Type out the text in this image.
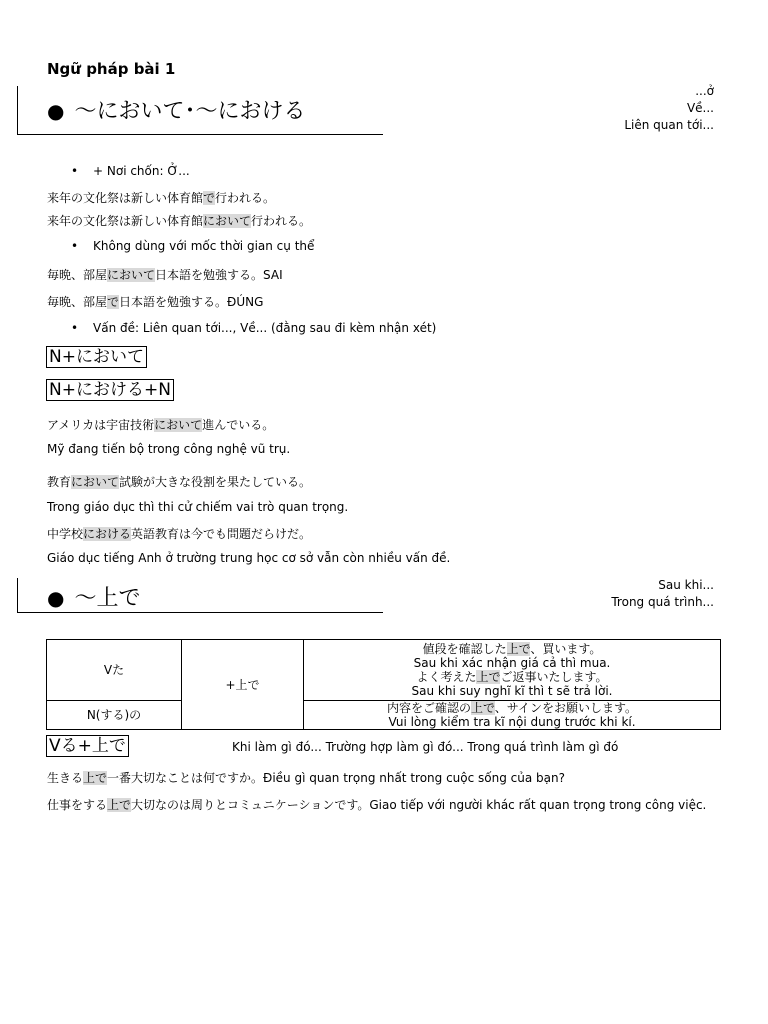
Ngữ pháp bài 1
● ～において･～における
...ở
Về...
Liên quan tới...
• + Nơi chốn: Ở...
来年の文化祭は新しい体育館で行われる。
来年の文化祭は新しい体育館において行われる。
• Không dùng với mốc thời gian cụ thể
毎晩、部屋において日本語を勉強する。SAI
毎晩、部屋で日本語を勉強する。ĐÚNG
• Vấn đề: Liên quan tới..., Về... (đằng sau đi kèm nhận xét)
N+において
N+における+N
アメリカは宇宙技術において進んでいる。
Mỹ đang tiến bộ trong công nghệ vũ trụ.
教育において試験が大きな役割を果たしている。
Trong giáo dục thì thi cử chiếm vai trò quan trọng.
中学校における英語教育は今でも問題だらけだ。
Giáo dục tiếng Anh ở trường trung học cơ sở vẫn còn nhiều vấn đề.
● ～上で
Sau khi...
Trong quá trình...
Vた	+上で	値段を確認した上で、買います。
Sau khi xác nhận giá cả thì mua.
よく考えた上でご返事いたします。
Sau khi suy nghĩ kĩ thì t sẽ trả lời.

N(する)の		内容をご確認の上で、サインをお願いします。
Vui lòng kiểm tra kĩ nội dung trước khi kí.
Vる+上で	Khi làm gì đó... Trường hợp làm gì đó... Trong quá trình làm gì đó
生きる上で一番大切なことは何ですか。Điều gì quan trọng nhất trong cuộc sống của bạn?
仕事をする上で大切なのは周りとコミュニケーションです。Giao tiếp với người khác rất quan trọng trong công việc.
